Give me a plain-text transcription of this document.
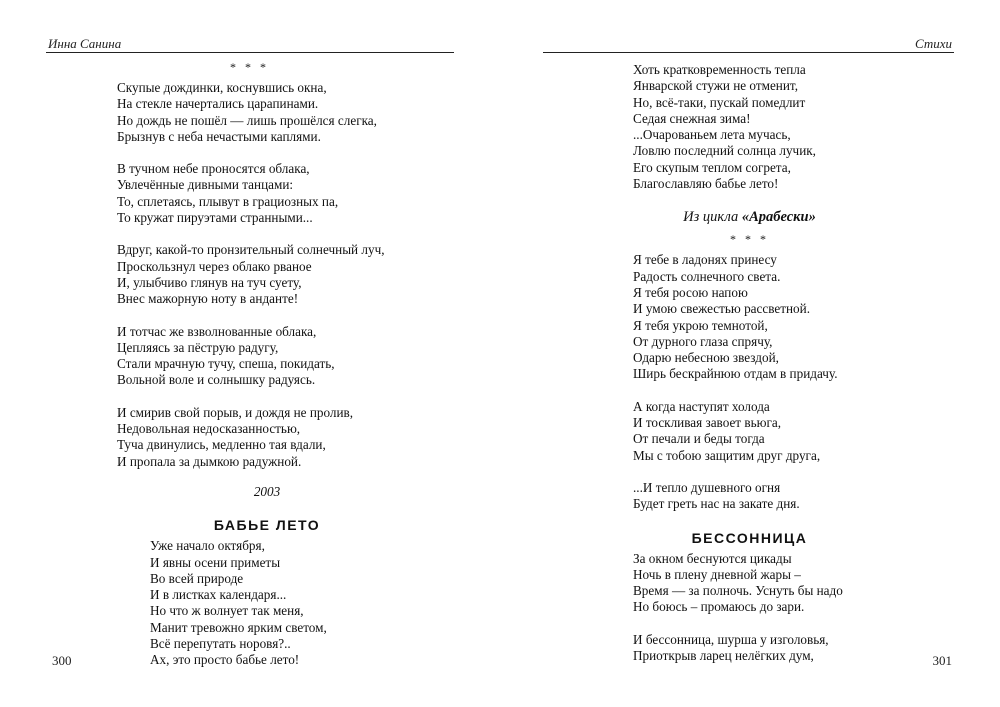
Инна Санина
* * *
Скупые дождинки, коснувшись окна,
На стекле начертались царапинами.
Но дождь не пошёл — лишь прошёлся слегка,
Брызнув с неба нечастыми каплями.
В тучном небе проносятся облака,
Увлечённые дивными танцами:
То, сплетаясь, плывут в грациозных па,
То кружат пируэтами странными...
Вдруг, какой-то пронзительный солнечный луч,
Проскользнул через облако рваное
И, улыбчиво глянув на туч суету,
Внес мажорную ноту в анданте!
И тотчас же взволнованные облака,
Цепляясь за пёструю радугу,
Стали мрачную тучу, спеша, покидать,
Вольной воле и солнышку радуясь.
И смирив свой порыв, и дождя не пролив,
Недовольная недосказанностью,
Туча двинулись, медленно тая вдали,
И пропала за дымкою радужной.
2003
БАБЬЕ ЛЕТО
Уже начало октября,
И явны осени приметы
Во всей природе
И в листках календаря...
Но что ж волнует так меня,
Манит тревожно ярким светом,
Всё перепутать норовя?..
Ах, это просто бабье лето!
300
Стихи
Хоть кратковременность тепла
Январской стужи не отменит,
Но, всё-таки, пускай помедлит
Седая снежная зима!
...Очарованьем лета мучась,
Ловлю последний солнца лучик,
Его скупым теплом согрета,
Благославляю бабье лето!
Из цикла «Арабески»
* * *
Я тебе в ладонях принесу
Радость солнечного света.
Я тебя росою напою
И умою свежестью рассветной.
Я тебя укрою темнотой,
От дурного глаза спрячу,
Одарю небесною звездой,
Ширь бескрайнюю отдам в придачу.
А когда наступят холода
И тоскливая завоет вьюга,
От печали и беды тогда
Мы с тобою защитим друг друга,
...И тепло душевного огня
Будет греть нас на закате дня.
БЕССОННИЦА
За окном беснуются цикады
Ночь в плену дневной жары –
Время — за полночь. Уснуть бы надо
Но боюсь – промаюсь до зари.
И бессонница, шурша у изголовья,
Приоткрыв ларец нелёгких дум,	301
